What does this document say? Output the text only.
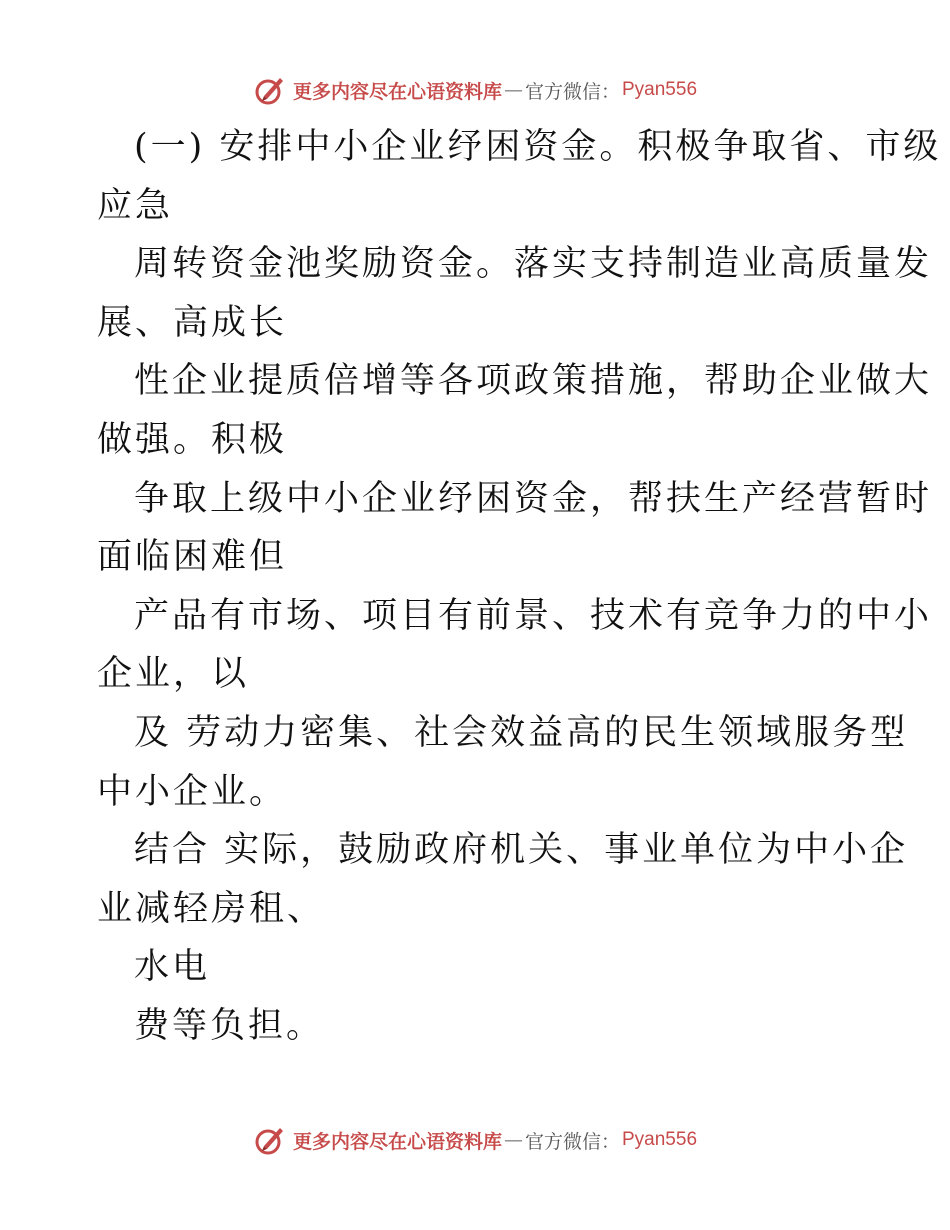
更多内容尽在心语资料库 — 官方微信： Pyan556
(一) 安排中小企业纾困资金。积极争取省、市级
应急
周转资金池奖励资金。落实支持制造业高质量发
展、高成长
性企业提质倍增等各项政策措施，帮助企业做大
做强。积极
争取上级中小企业纾困资金，帮扶生产经营暂时
面临困难但
产品有市场、项目有前景、技术有竞争力的中小
企业，以
及 劳动力密集、社会效益高的民生领域服务型
中小企业。
结合 实际，鼓励政府机关、事业单位为中小企
业减轻房租、
水电
费等负担。
更多内容尽在心语资料库 — 官方微信： Pyan556
